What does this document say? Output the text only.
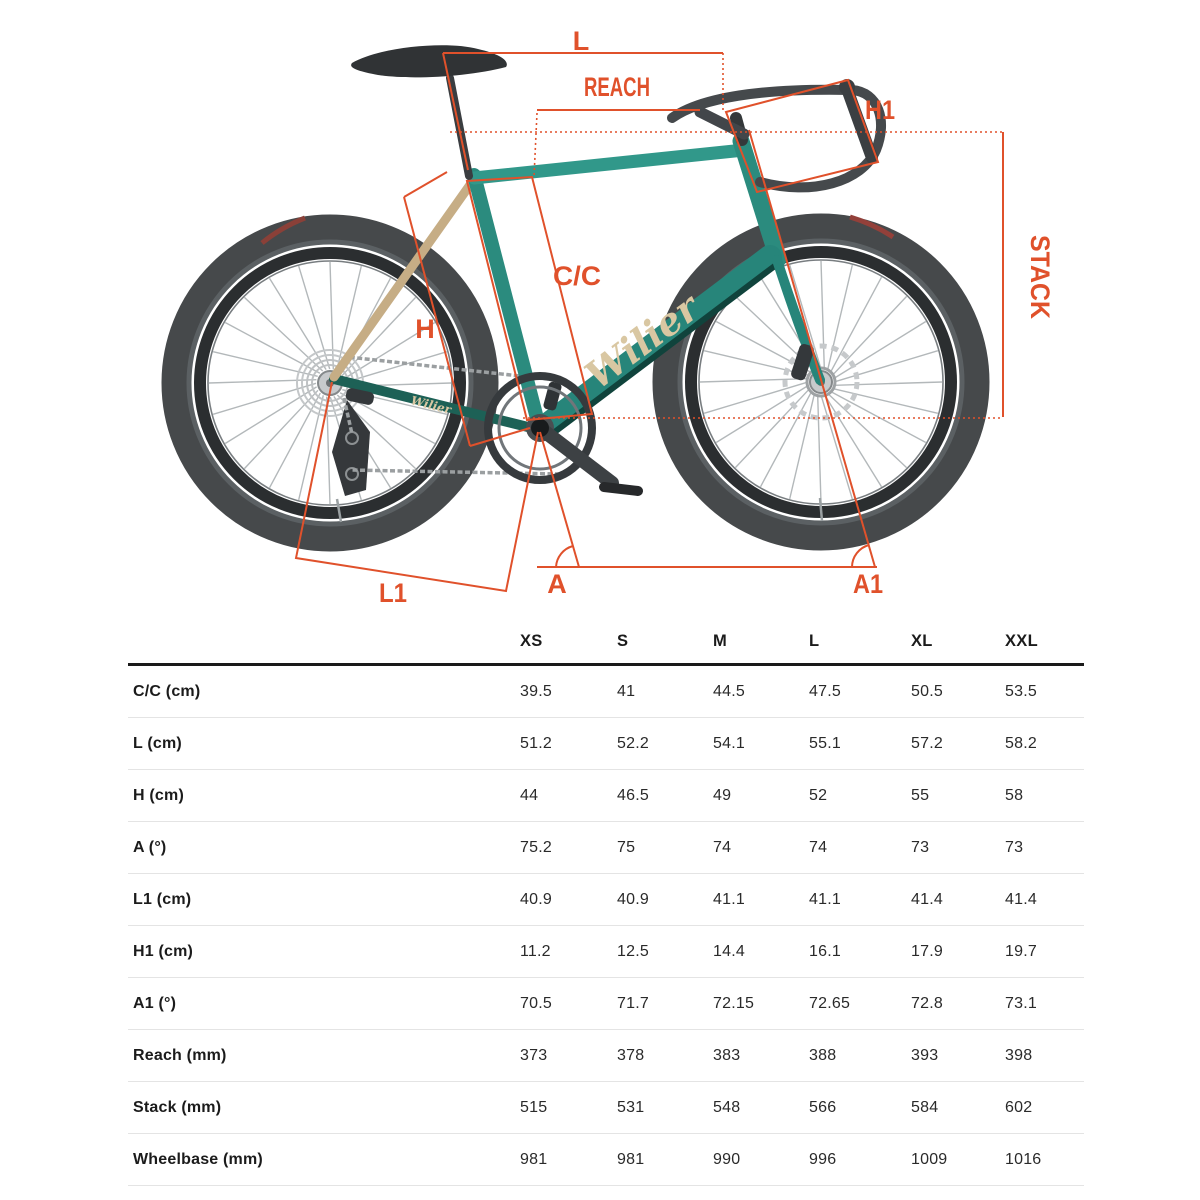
Wilier
Wilier
L
REACH
H1
C/C	STACK
H
L1	A	A1
XS	S	M	L	XL	XXL
C/C (cm)	39.5	41	44.5	47.5	50.5	53.5
L (cm)	51.2	52.2	54.1	55.1	57.2	58.2
H (cm)	44	46.5	49	52	55	58
A (°)	75.2	75	74	74	73	73
L1 (cm)	40.9	40.9	41.1	41.1	41.4	41.4
H1 (cm)	11.2	12.5	14.4	16.1	17.9	19.7
A1 (°)	70.5	71.7	72.15	72.65	72.8	73.1
Reach (mm)	373	378	383	388	393	398
Stack (mm)	515	531	548	566	584	602
Wheelbase (mm)	981	981	990	996	1009	1016
